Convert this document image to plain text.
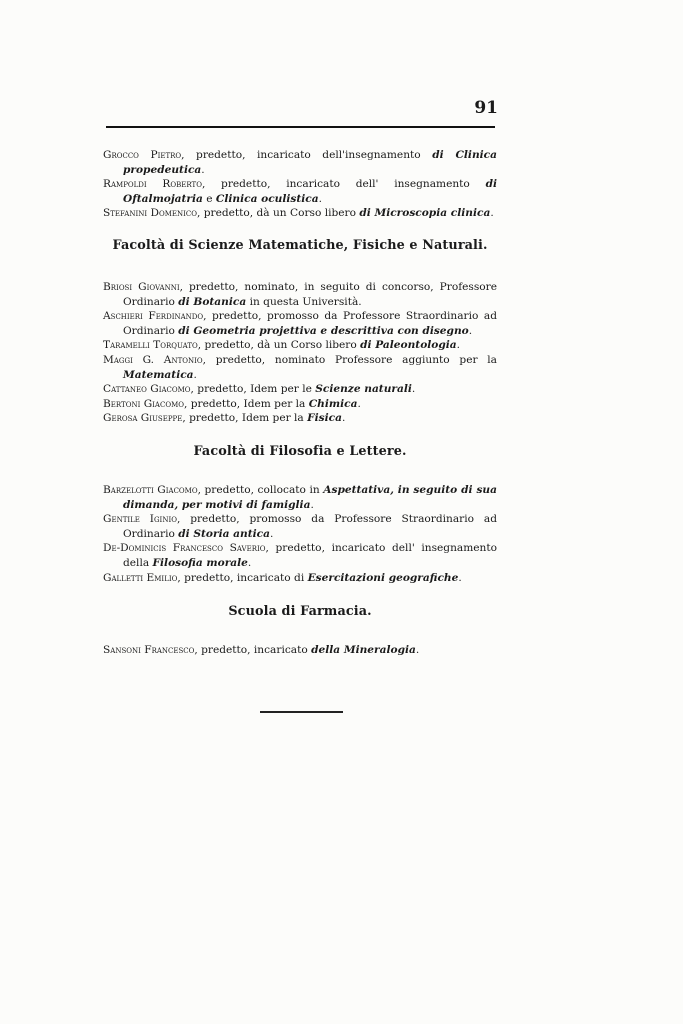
91

Grocco Pietro, predetto, incaricato dell'insegnamento di Clinica propedeutica.

Rampoldi Roberto, predetto, incaricato dell' insegnamento di Oftalmojatria e Clinica oculistica.

Stefanini Domenico, predetto, dà un Corso libero di Microscopia clinica.

Facoltà di Scienze Matematiche, Fisiche e Naturali.

Briosi Giovanni, predetto, nominato, in seguito di concorso, Professore Ordinario di Botanica in questa Università.

Aschieri Ferdinando, predetto, promosso da Professore Straordinario ad Ordinario di Geometria projettiva e descrittiva con disegno.

Taramelli Torquato, predetto, dà un Corso libero di Paleontologia.

Maggi G. Antonio, predetto, nominato Professore aggiunto per la Matematica.

Cattaneo Giacomo, predetto, Idem per le Scienze naturali.

Bertoni Giacomo, predetto, Idem per la Chimica.

Gerosa Giuseppe, predetto, Idem per la Fisica.

Facoltà di Filosofia e Lettere.

Barzelotti Giacomo, predetto, collocato in Aspettativa, in seguito di sua dimanda, per motivi di famiglia.

Gentile Iginio, predetto, promosso da Professore Straordinario ad Ordinario di Storia antica.

De-Dominicis Francesco Saverio, predetto, incaricato dell' insegnamento della Filosofia morale.

Galletti Emilio, predetto, incaricato di Esercitazioni geografiche.

Scuola di Farmacia.

Sansoni Francesco, predetto, incaricato della Mineralogia.
